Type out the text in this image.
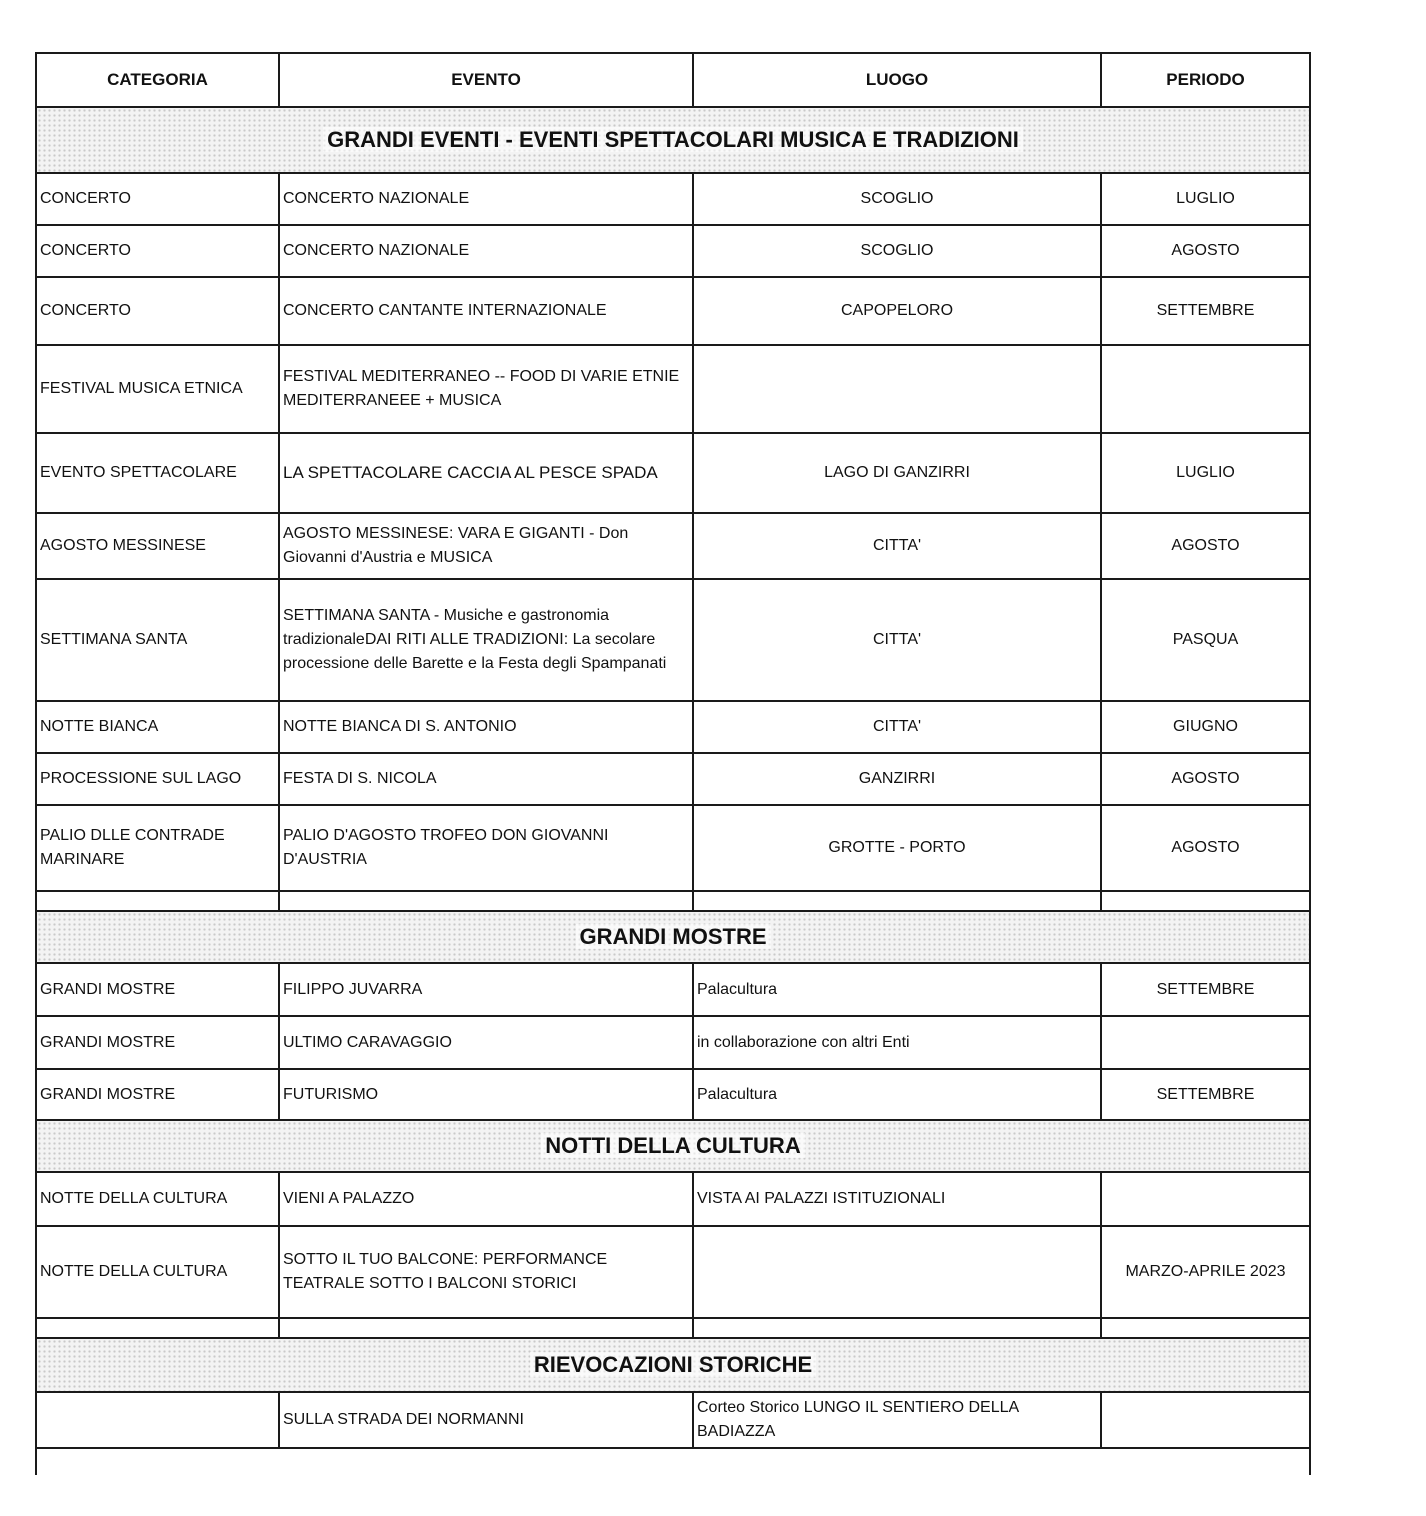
CATEGORIA	EVENTO	LUOGO	PERIODO
GRANDI EVENTI - EVENTI SPETTACOLARI MUSICA E TRADIZIONI			
CONCERTO	CONCERTO NAZIONALE	SCOGLIO	LUGLIO
CONCERTO	CONCERTO NAZIONALE	SCOGLIO	AGOSTO
CONCERTO	CONCERTO CANTANTE INTERNAZIONALE	CAPOPELORO	SETTEMBRE
FESTIVAL MUSICA ETNICA	FESTIVAL MEDITERRANEO -- FOOD DI VARIE ETNIE MEDITERRANEEE + MUSICA		
EVENTO SPETTACOLARE	LA SPETTACOLARE CACCIA AL PESCE SPADA	LAGO DI GANZIRRI	LUGLIO
AGOSTO MESSINESE	AGOSTO MESSINESE: VARA E GIGANTI - Don Giovanni d'Austria e MUSICA	CITTA'	AGOSTO
SETTIMANA SANTA	SETTIMANA SANTA - Musiche e gastronomia tradizionaleDAI RITI ALLE TRADIZIONI: La secolare processione delle Barette e la Festa degli Spampanati	CITTA'	PASQUA
NOTTE BIANCA	NOTTE BIANCA DI S. ANTONIO	CITTA'	GIUGNO
PROCESSIONE SUL LAGO	FESTA DI S. NICOLA	GANZIRRI	AGOSTO
PALIO DLLE CONTRADE MARINARE	PALIO D'AGOSTO TROFEO DON GIOVANNI D'AUSTRIA	GROTTE - PORTO	AGOSTO

GRANDI MOSTRE			
GRANDI MOSTRE	FILIPPO JUVARRA	Palacultura	SETTEMBRE
GRANDI MOSTRE	ULTIMO CARAVAGGIO	in collaborazione con altri Enti	
GRANDI MOSTRE	FUTURISMO	Palacultura	SETTEMBRE
NOTTI DELLA CULTURA			
NOTTE DELLA CULTURA	VIENI A PALAZZO	VISTA AI PALAZZI ISTITUZIONALI	
NOTTE DELLA CULTURA	SOTTO IL TUO BALCONE: PERFORMANCE TEATRALE SOTTO I BALCONI STORICI		MARZO-APRILE 2023

RIEVOCAZIONI STORICHE			
	SULLA STRADA DEI NORMANNI	Corteo Storico LUNGO IL SENTIERO DELLA BADIAZZA	
